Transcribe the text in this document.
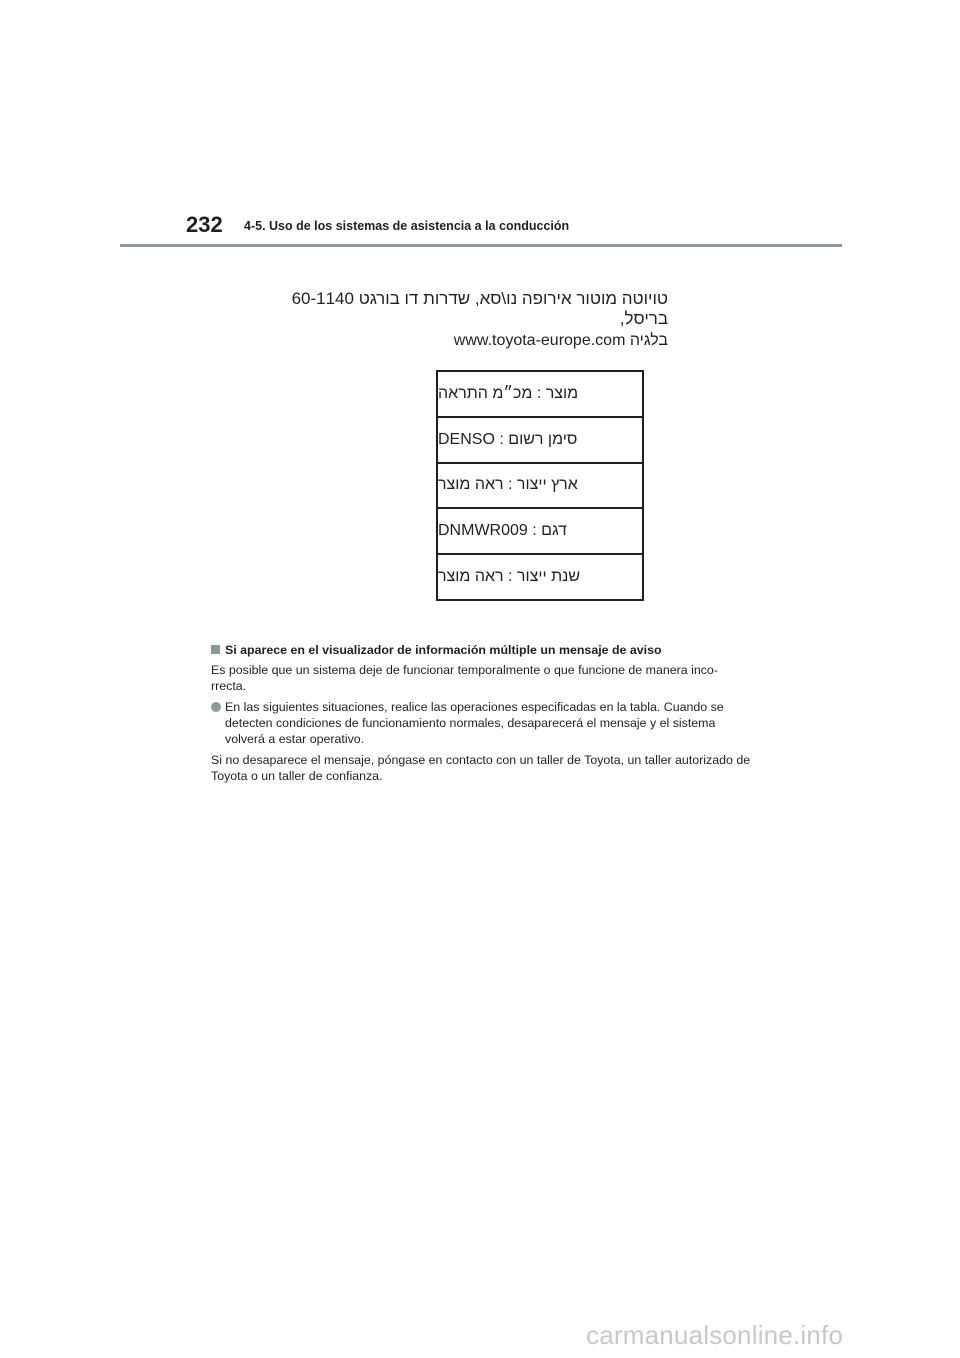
232 4-5. Uso de los sistemas de asistencia a la conducción
טויוטה מוטור אירופה נו\סא, שדרות דו בורגט 60-1140 בריסל,
בלגיה www.toyota-europe.com
מוצר : מכ״מ התראה
סימן רשום : DENSO
ארץ ייצור : ראה מוצר
דגם : DNMWR009
שנת ייצור : ראה מוצר

Si aparece en el visualizador de información múltiple un mensaje de aviso

Es posible que un sistema deje de funcionar temporalmente o que funcione de manera inco-rrecta.

En las siguientes situaciones, realice las operaciones especificadas en la tabla. Cuando se detecten condiciones de funcionamiento normales, desaparecerá el mensaje y el sistema volverá a estar operativo.

Si no desaparece el mensaje, póngase en contacto con un taller de Toyota, un taller autorizado de Toyota o un taller de confianza.

carmanualsonline.info
